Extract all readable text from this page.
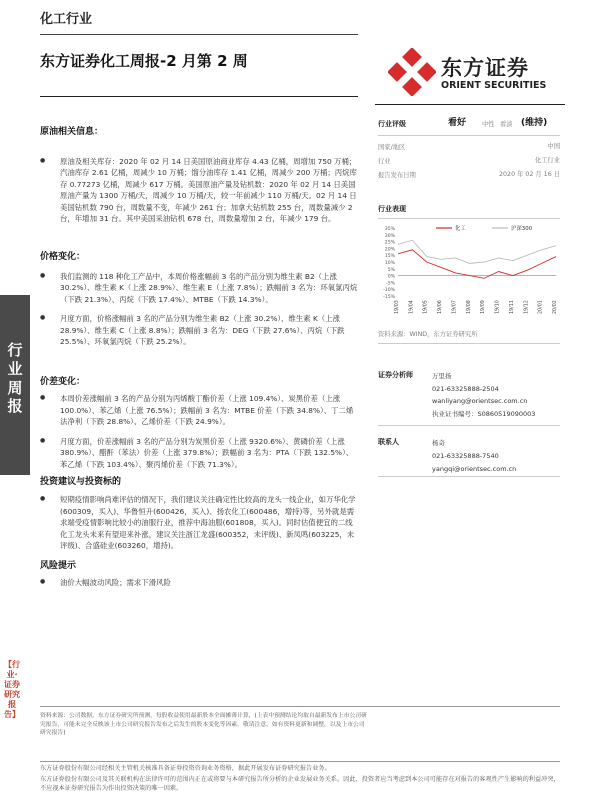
化工行业
东方证券化工周报-2 月第 2 周	东方证券
ORIENT SECURITIES
行业周报
【行业·证券研究报告】
原油相关信息：
●	原油及相关库存：2020 年 02 月 14 日美国原油商业库存 4.43 亿桶，周增加 750 万桶；汽油库存 2.61 亿桶，周减少 10 万桶；馏分油库存 1.41 亿桶，周减少 200 万桶；丙烷库存 0.77273 亿桶，周减少 617 万桶。美国原油产量及钻机数：2020 年 02 月 14 日美国原油产量为 1300 万桶/天，周减少 10 万桶/天，较一年前减少 110 万桶/天。02 月 14 日美国钻机数 790 台，周数量不变，年减少 261 台；加拿大钻机数 255 台，周数量减少 2 台，年增加 31 台。其中美国采油钻机 678 台，周数量增加 2 台，年减少 179 台。
价格变化：
●	我们监测的 118 种化工产品中，本周价格涨幅前 3 名的产品分别为维生素 B2（上涨 30.2%）、维生素 K（上涨 28.9%）、维生素 E（上涨 7.8%）；跌幅前 3 名为：环氧氯丙烷（下跌 21.3%）、丙烷（下跌 17.4%）、MTBE（下跌 14.3%）。
●	月度方面，价格涨幅前 3 名的产品分别为维生素 B2（上涨 30.2%）、维生素 K（上涨 28.9%）、维生素 C（上涨 8.8%）；跌幅前 3 名为：DEG（下跌 27.6%）、丙烷（下跌 25.5%）、环氧氯丙烷（下跌 25.2%）。
价差变化：
●	本周价差涨幅前 3 名的产品分别为丙烯酸丁酯价差（上涨 109.4%）、炭黑价差（上涨 100.0%）、苯乙烯（上涨 76.5%）；跌幅前 3 名为：MTBE 价差（下跌 34.8%）、丁二烯法净利（下跌 28.8%）、乙烯价差（下跌 24.9%）。
●	月度方面，价差涨幅前 3 名的产品分别为炭黑价差（上涨 9320.6%）、黄磷价差（上涨 380.9%）、醋酐（苯法）价差（上涨 379.8%）；跌幅前 3 名为：PTA（下跌 132.5%）、苯乙烯（下跌 103.4%）、聚丙烯价差（下跌 71.3%）。
投资建议与投资标的
●	短期疫情影响尚难评估的情况下，我们建议关注确定性比较高的龙头一线企业，如万华化学(600309，买入)、华鲁恒升(600426，买入)、扬农化工(600486，增持)等，另外就是需求端受疫情影响比较小的油服行业，推荐中海油服(601808，买入)。同时估值便宜的二线化工龙头未来有望迎来补涨，建议关注浙江龙盛(600352，未评级)、新凤鸣(603225，未评级)、合盛硅业(603260，增持)。
风险提示
●	油价大幅波动风险；需求下滑风险
行业评级	看好	中性 看淡 (维持)
国家/地区	中国
行业	化工行业
报告发布日期	2020 年 02 月 16 日
行业表现
-15%
-10%
-5%
0%
5%
10%
15%
20%
25%
30%
35%
19/03 19/04 19/05 19/06 19/07 19/08 19/09 19/10 19/11 19/12 20/01 20/02
化工	沪深300
资料来源：WIND，东方证券研究所
证券分析师	万里扬
021-63325888-2504
wanliyang@orientsec.com.cn
执业证书编号：S0860519090003
联系人	杨奇
021-63325888-7540
yangqi@orientsec.com.cn
资料来源：公司数据，东方证券研究所预测，每股收益使用最新股本全面摊薄计算，(上表中预测结论均取自最新发布上市公司研究报告，可能未完全反映该上市公司研究报告发布之后发生的股本变化等因素，敬请注意，如有资料更新和调整，以及上市公司研究报告)
东方证券股份有限公司经相关主管机关核准具备证券投资咨询业务资格，据此开展发布证券研究报告业务。
东方证券股份有限公司及其关联机构在法律许可的范围内正在或将要与本研究报告所分析的企业发展业务关系。因此，投资者应当考虑到本公司可能存在对报告的客观性产生影响的利益冲突，不应视本证券研究报告为作出投资决策的唯一因素。
